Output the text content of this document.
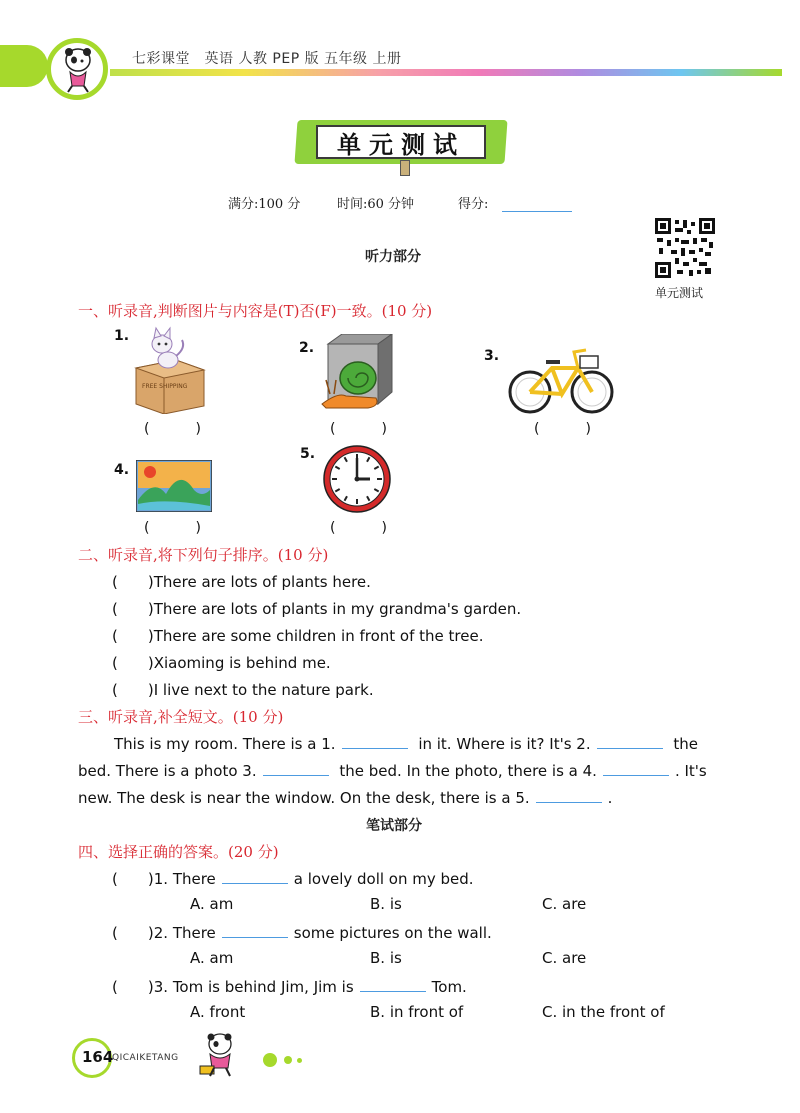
七彩课堂　英语 人教 PEP 版 五年级 上册
单元测试
满分:100 分	时间:60 分钟	得分:
单元测试
听力部分
一、听录音,判断图片与内容是(T)否(F)一致。(10 分)
1.
FREE SHIPPING
(　　)
2.
(　　)
3.
(　　)
4.
(　　)
5.
(　　)
二、听录音,将下列句子排序。(10 分)
(　　)There are lots of plants here.
(　　)There are lots of plants in my grandma's garden.
(　　)There are some children in front of the tree.
(　　)Xiaoming is behind me.
(　　)I live next to the nature park.
三、听录音,补全短文。(10 分)
This is my room. There is a 1.	in it. Where is it? It's 2.	the
bed. There is a photo 3.	the bed. In the photo, there is a 4.	. It's
new. The desk is near the window. On the desk, there is a 5.	.
笔试部分
四、选择正确的答案。(20 分)
(　　)1. There	a lovely doll on my bed.
A. am	B. is	C. are
(　　)2. There	some pictures on the wall.
A. am	B. is	C. are
(　　)3. Tom is behind Jim, Jim is	Tom.
A. front	B. in front of	C. in the front of
164
QICAIKETANG
